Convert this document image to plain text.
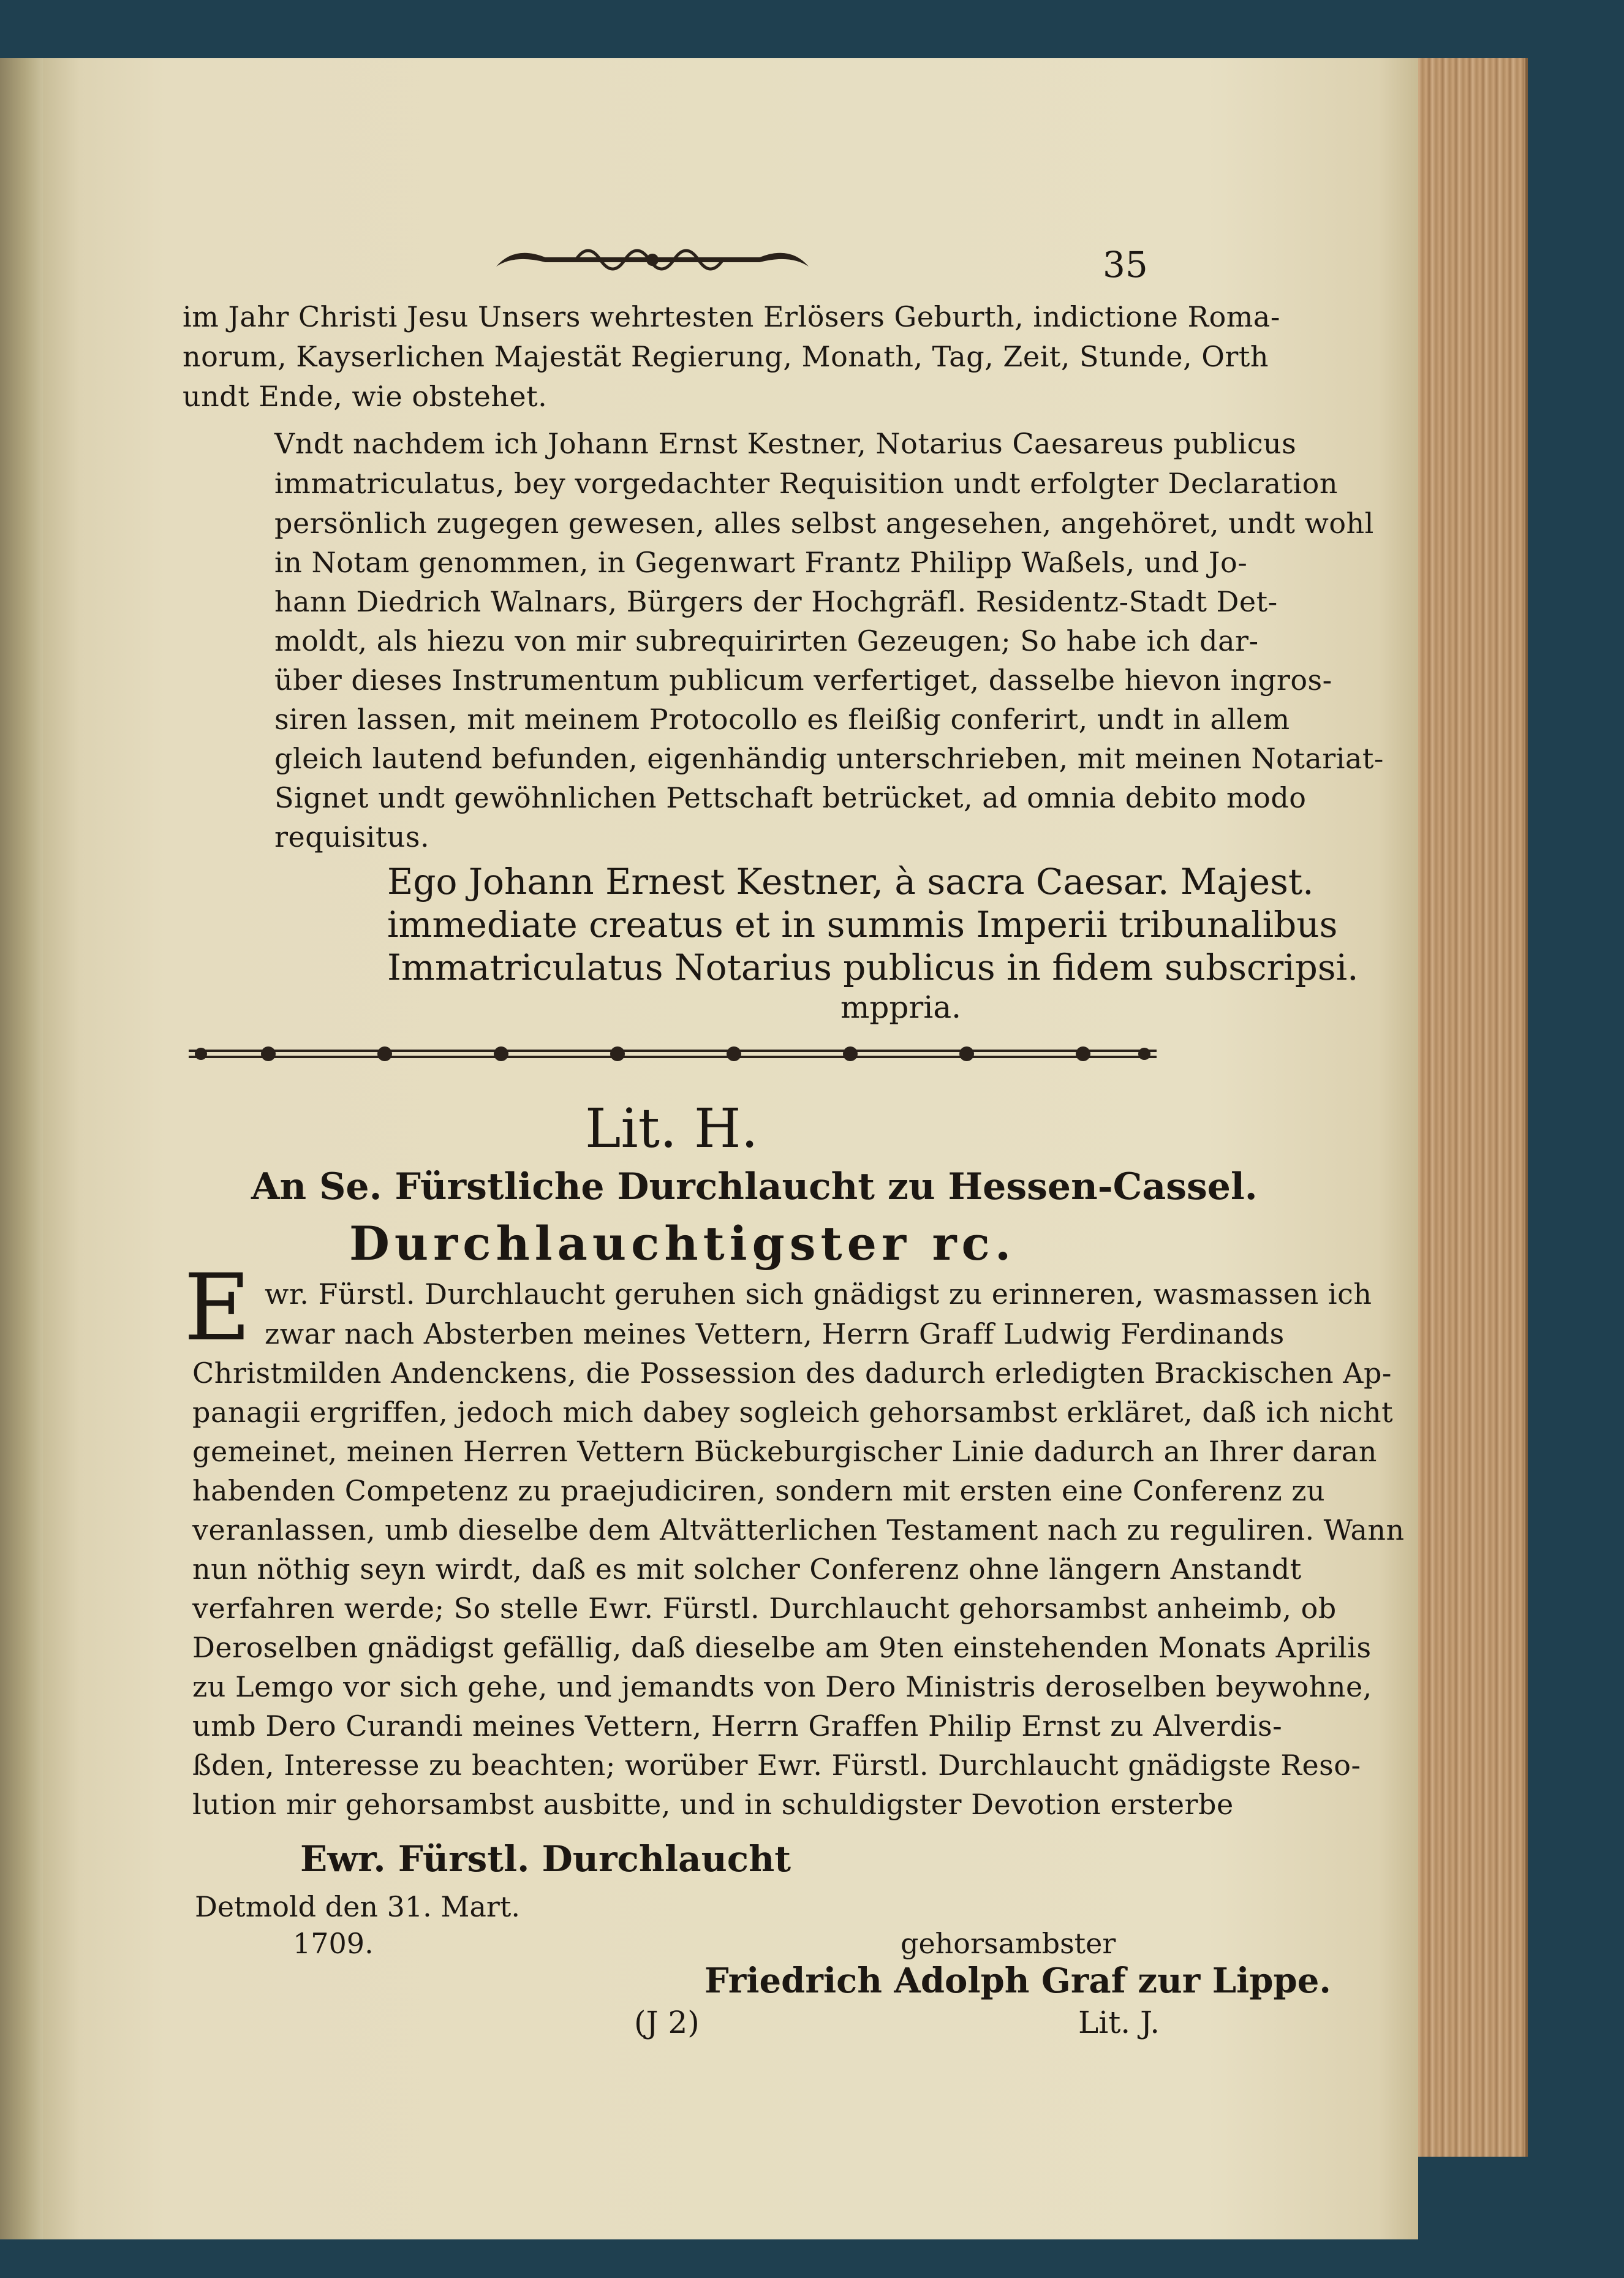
35
im Jahr Christi Jesu Unsers wehrtesten Erlösers Geburth, indictione Roma-
norum, Kayserlichen Majestät Regierung, Monath, Tag, Zeit, Stunde, Orth
undt Ende, wie obstehet.
Vndt nachdem ich Johann Ernst Kestner, Notarius Caesareus publicus
immatriculatus, bey vorgedachter Requisition undt erfolgter Declaration
persönlich zugegen gewesen, alles selbst angesehen, angehöret, undt wohl
in Notam genommen, in Gegenwart Frantz Philipp Waßels, und Jo-
hann Diedrich Walnars, Bürgers der Hochgräfl. Residentz-Stadt Det-
moldt, als hiezu von mir subrequirirten Gezeugen; So habe ich dar-
über dieses Instrumentum publicum verfertiget, dasselbe hievon ingros-
siren lassen, mit meinem Protocollo es fleißig conferirt, undt in allem
gleich lautend befunden, eigenhändig unterschrieben, mit meinen Notariat-
Signet undt gewöhnlichen Pettschaft betrücket, ad omnia debito modo
requisitus.
Ego Johann Ernest Kestner, à sacra Caesar. Majest.
immediate creatus et in summis Imperii tribunalibus
Immatriculatus Notarius publicus in fidem subscripsi.
mppria.
Lit. H.
An Se. Fürstliche Durchlaucht zu Hessen-Cassel.
Durchlauchtigster rc.
E wr. Fürstl. Durchlaucht geruhen sich gnädigst zu erinneren, wasmassen ich
zwar nach Absterben meines Vettern, Herrn Graff Ludwig Ferdinands
Christmilden Andenckens, die Possession des dadurch erledigten Brackischen Ap-
panagii ergriffen, jedoch mich dabey sogleich gehorsambst erkläret, daß ich nicht
gemeinet, meinen Herren Vettern Bückeburgischer Linie dadurch an Ihrer daran
habenden Competenz zu praejudiciren, sondern mit ersten eine Conferenz zu
veranlassen, umb dieselbe dem Altvätterlichen Testament nach zu reguliren. Wann
nun nöthig seyn wirdt, daß es mit solcher Conferenz ohne längern Anstandt
verfahren werde; So stelle Ewr. Fürstl. Durchlaucht gehorsambst anheimb, ob
Deroselben gnädigst gefällig, daß dieselbe am 9ten einstehenden Monats Aprilis
zu Lemgo vor sich gehe, und jemandts von Dero Ministris deroselben beywohne,
umb Dero Curandi meines Vettern, Herrn Graffen Philip Ernst zu Alverdis-
ßden, Interesse zu beachten; worüber Ewr. Fürstl. Durchlaucht gnädigste Reso-
lution mir gehorsambst ausbitte, und in schuldigster Devotion ersterbe
Ewr. Fürstl. Durchlaucht
Detmold den 31. Mart.
1709.	gehorsambster
Friedrich Adolph Graf zur Lippe.
(J 2)	Lit. J.
